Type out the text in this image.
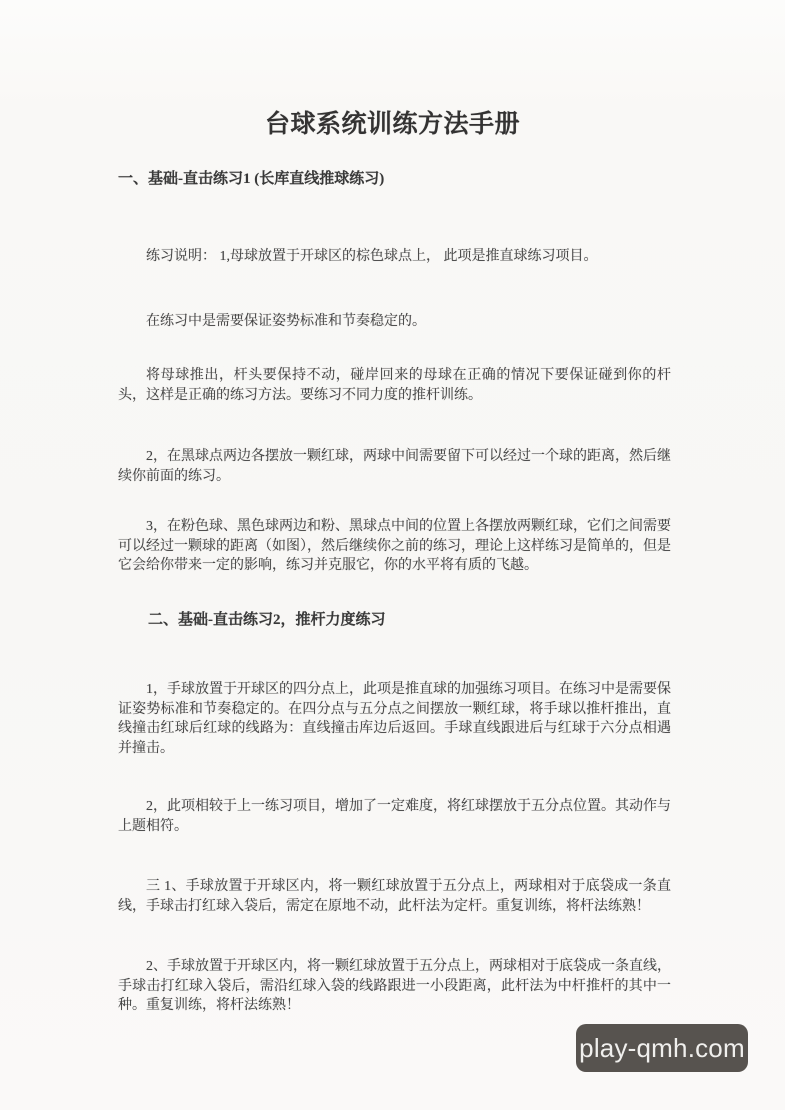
台球系统训练方法手册
一、基础-直击练习1 (长库直线推球练习)

练习说明： 1,母球放置于开球区的棕色球点上， 此项是推直球练习项目。

在练习中是需要保证姿势标准和节奏稳定的。

将母球推出，杆头要保持不动，碰岸回来的母球在正确的情况下要保证碰到你的杆头，这样是正确的练习方法。要练习不同力度的推杆训练。

2，在黑球点两边各摆放一颗红球，两球中间需要留下可以经过一个球的距离，然后继续你前面的练习。

3，在粉色球、黑色球两边和粉、黑球点中间的位置上各摆放两颗红球，它们之间需要可以经过一颗球的距离（如图），然后继续你之前的练习，理论上这样练习是简单的，但是它会给你带来一定的影响，练习并克服它，你的水平将有质的飞越。

二、基础-直击练习2，推杆力度练习

1，手球放置于开球区的四分点上，此项是推直球的加强练习项目。在练习中是需要保证姿势标准和节奏稳定的。在四分点与五分点之间摆放一颗红球，将手球以推杆推出，直线撞击红球后红球的线路为：直线撞击库边后返回。手球直线跟进后与红球于六分点相遇并撞击。

2，此项相较于上一练习项目，增加了一定难度，将红球摆放于五分点位置。其动作与上题相符。

三 1、手球放置于开球区内，将一颗红球放置于五分点上，两球相对于底袋成一条直线，手球击打红球入袋后，需定在原地不动，此杆法为定杆。重复训练，将杆法练熟！

2、手球放置于开球区内，将一颗红球放置于五分点上，两球相对于底袋成一条直线，手球击打红球入袋后，需沿红球入袋的线路跟进一小段距离，此杆法为中杆推杆的其中一种。重复训练，将杆法练熟！

play-qmh.com
